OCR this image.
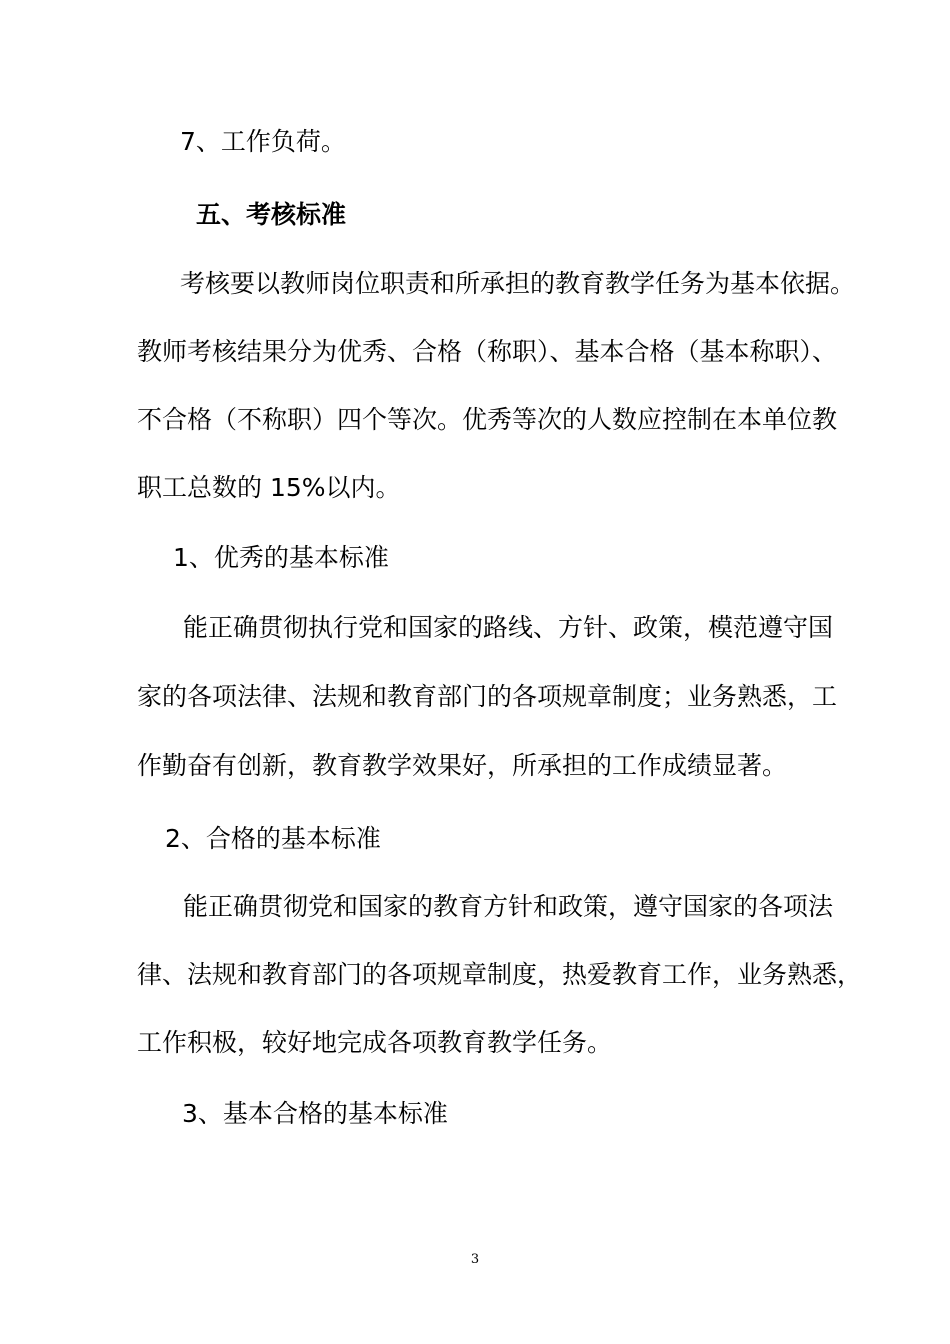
7、工作负荷。
五、考核标准
考核要以教师岗位职责和所承担的教育教学任务为基本依据。
教师考核结果分为优秀、合格（称职）、基本合格（基本称职）、
不合格（不称职）四个等次。优秀等次的人数应控制在本单位教
职工总数的 15%以内。
1、优秀的基本标准
能正确贯彻执行党和国家的路线、方针、政策，模范遵守国
家的各项法律、法规和教育部门的各项规章制度；业务熟悉，工
作勤奋有创新，教育教学效果好，所承担的工作成绩显著。
2、合格的基本标准
能正确贯彻党和国家的教育方针和政策，遵守国家的各项法
律、法规和教育部门的各项规章制度，热爱教育工作，业务熟悉，
工作积极，较好地完成各项教育教学任务。
3、基本合格的基本标准
3
